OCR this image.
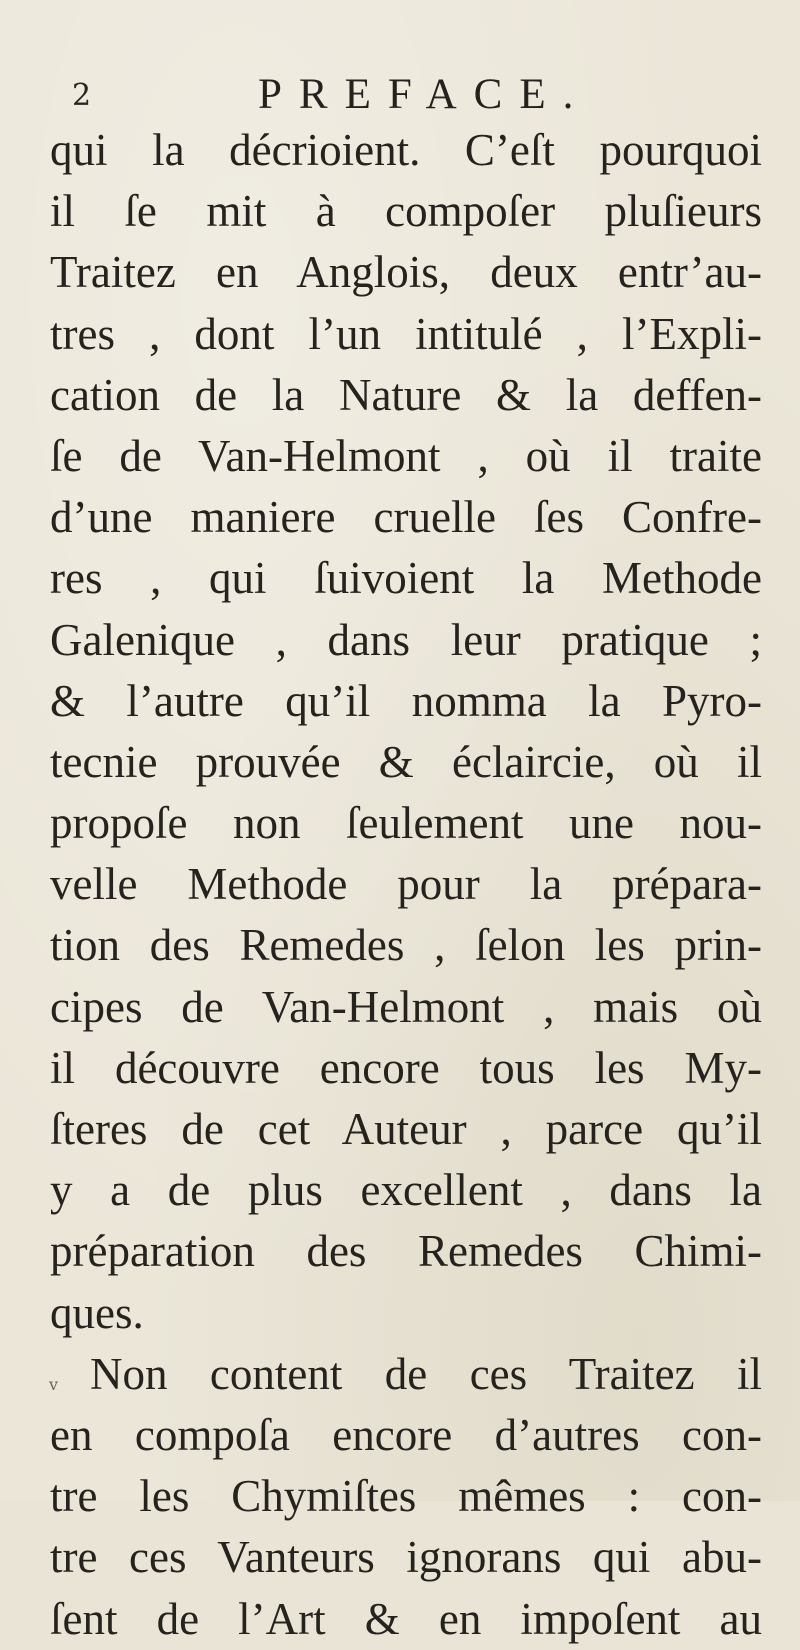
2	PREFACE.
qui la décrioient. C’eſt pourquoi
il ſe mit à compoſer pluſieurs
Traitez en Anglois, deux entr’au-
tres , dont l’un intitulé , l’Expli-
cation de la Nature & la deffen-
ſe de Van-Helmont , où il traite
d’une maniere cruelle ſes Confre-
res , qui ſuivoient la Methode
Galenique , dans leur pratique ;
& l’autre qu’il nomma la Pyro-
tecnie prouvée & éclaircie, où il
propoſe non ſeulement une nou-
velle Methode pour la prépara-
tion des Remedes , ſelon les prin-
cipes de Van-Helmont , mais où
il découvre encore tous les My-
ſteres de cet Auteur , parce qu’il
y a de plus excellent , dans la
préparation des Remedes Chimi-
ques.
Non content de ces Traitez il
en compoſa encore d’autres con-
tre les Chymiſtes mêmes : con-
tre ces Vanteurs ignorans qui abu-
ſent de l’Art & en impoſent au
v
